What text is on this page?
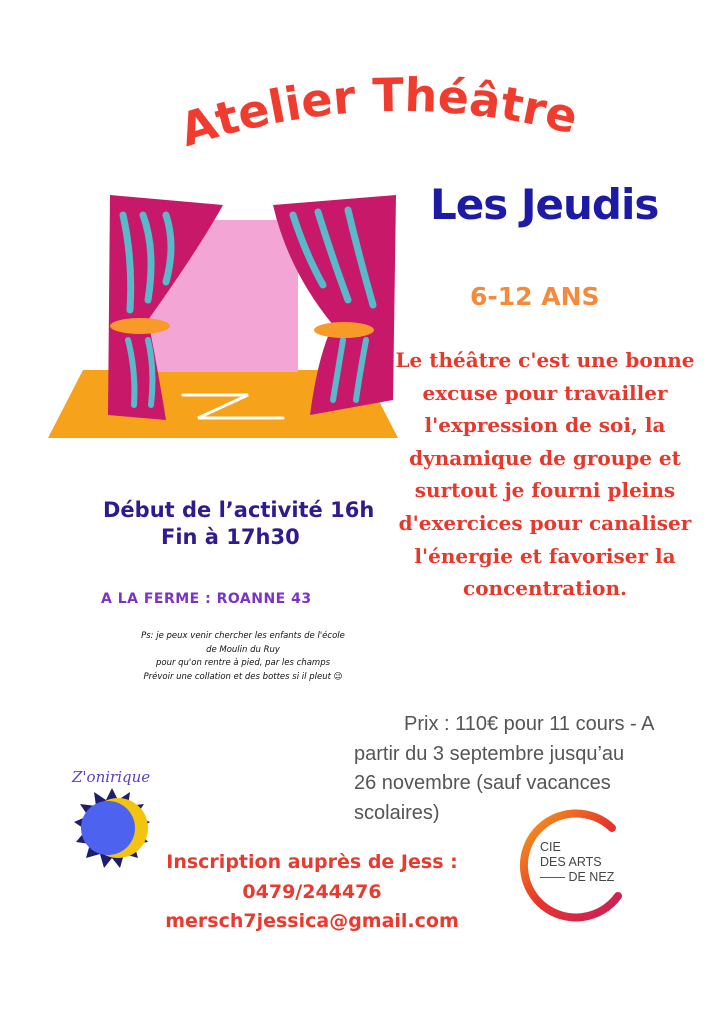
Atelier Théâtre
Les Jeudis
6-12 ANS
Le théâtre c'est une bonne
excuse pour travailler
l'expression de soi, la
dynamique de groupe et
surtout je fourni pleins
d'exercices pour canaliser
l'énergie et favoriser la
concentration.
Début de l’activité 16h
Fin à 17h30
A LA FERME : ROANNE 43
Ps: je peux venir chercher les enfants de l'école
de Moulin du Ruy
pour qu'on rentre à pied, par les champs
Prévoir une collation et des bottes si il pleut 😉
Prix : 110€ pour 11 cours - A
partir du 3 septembre jusqu’au
26 novembre (sauf vacances
scolaires)
Z'onirique
CIE
DES ARTS
—— DE NEZ
Inscription auprès de Jess :
0479/244476
mersch7jessica@gmail.com
